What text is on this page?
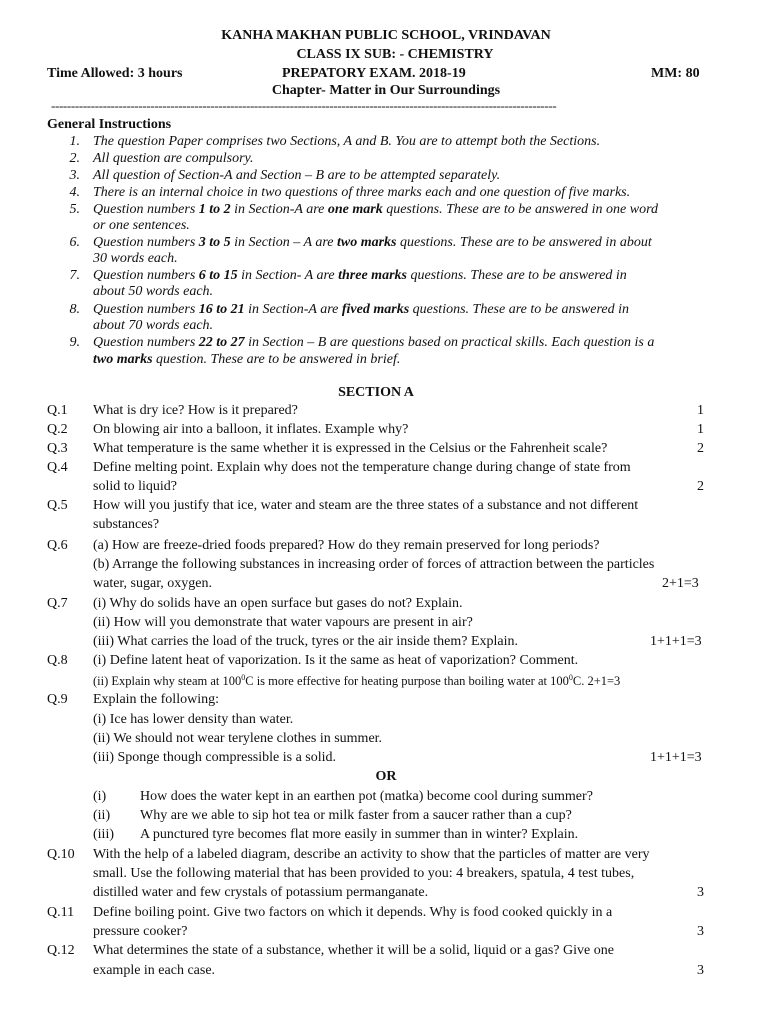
KANHA MAKHAN PUBLIC SCHOOL, VRINDAVAN
CLASS IX SUB: - CHEMISTRY
Time Allowed: 3 hours	PREPATORY EXAM. 2018-19	MM: 80
Chapter- Matter in Our Surroundings
-------------------------------------------------------------------------------------------------------------------------------
General Instructions
1. The question Paper comprises two Sections, A and B. You are to attempt both the Sections.
2. All question are compulsory.
3. All question of Section-A and Section – B are to be attempted separately.
4. There is an internal choice in two questions of three marks each and one question of five marks.
5. Question numbers 1 to 2 in Section-A are one mark questions. These are to be answered in one word
or one sentences.
6. Question numbers 3 to 5 in Section – A are two marks questions. These are to be answered in about
30 words each.
7. Question numbers 6 to 15 in Section- A are three marks questions. These are to be answered in
about 50 words each.
8. Question numbers 16 to 21 in Section-A are fived marks questions. These are to be answered in
about 70 words each.
9. Question numbers 22 to 27 in Section – B are questions based on practical skills. Each question is a
two marks question. These are to be answered in brief.
SECTION A
Q.1 What is dry ice? How is it prepared?	1
Q.2 On blowing air into a balloon, it inflates. Example why?	1
Q.3 What temperature is the same whether it is expressed in the Celsius or the Fahrenheit scale?	2
Q.4 Define melting point. Explain why does not the temperature change during change of state from
solid to liquid?	2
Q.5 How will you justify that ice, water and steam are the three states of a substance and not different
substances?
Q.6 (a) How are freeze-dried foods prepared? How do they remain preserved for long periods?
(b) Arrange the following substances in increasing order of forces of attraction between the particles
water, sugar, oxygen.	2+1=3
Q.7 (i) Why do solids have an open surface but gases do not? Explain.
(ii) How will you demonstrate that water vapours are present in air?
(iii) What carries the load of the truck, tyres or the air inside them? Explain.	1+1+1=3
Q.8 (i) Define latent heat of vaporization. Is it the same as heat of vaporization? Comment.
(ii) Explain why steam at $100^0C$ is more effective for heating purpose than boiling water at $100^0C$. 2+1=3
Q.9 Explain the following:
(i) Ice has lower density than water.
(ii) We should not wear terylene clothes in summer.
(iii) Sponge though compressible is a solid.	1+1+1=3
OR
(i) How does the water kept in an earthen pot (matka) become cool during summer?
(ii) Why are we able to sip hot tea or milk faster from a saucer rather than a cup?
(iii) A punctured tyre becomes flat more easily in summer than in winter? Explain.
Q.10 With the help of a labeled diagram, describe an activity to show that the particles of matter are very
small. Use the following material that has been provided to you: 4 breakers, spatula, 4 test tubes,
distilled water and few crystals of potassium permanganate.	3
Q.11 Define boiling point. Give two factors on which it depends. Why is food cooked quickly in a
pressure cooker?	3
Q.12 What determines the state of a substance, whether it will be a solid, liquid or a gas? Give one
example in each case.	3
